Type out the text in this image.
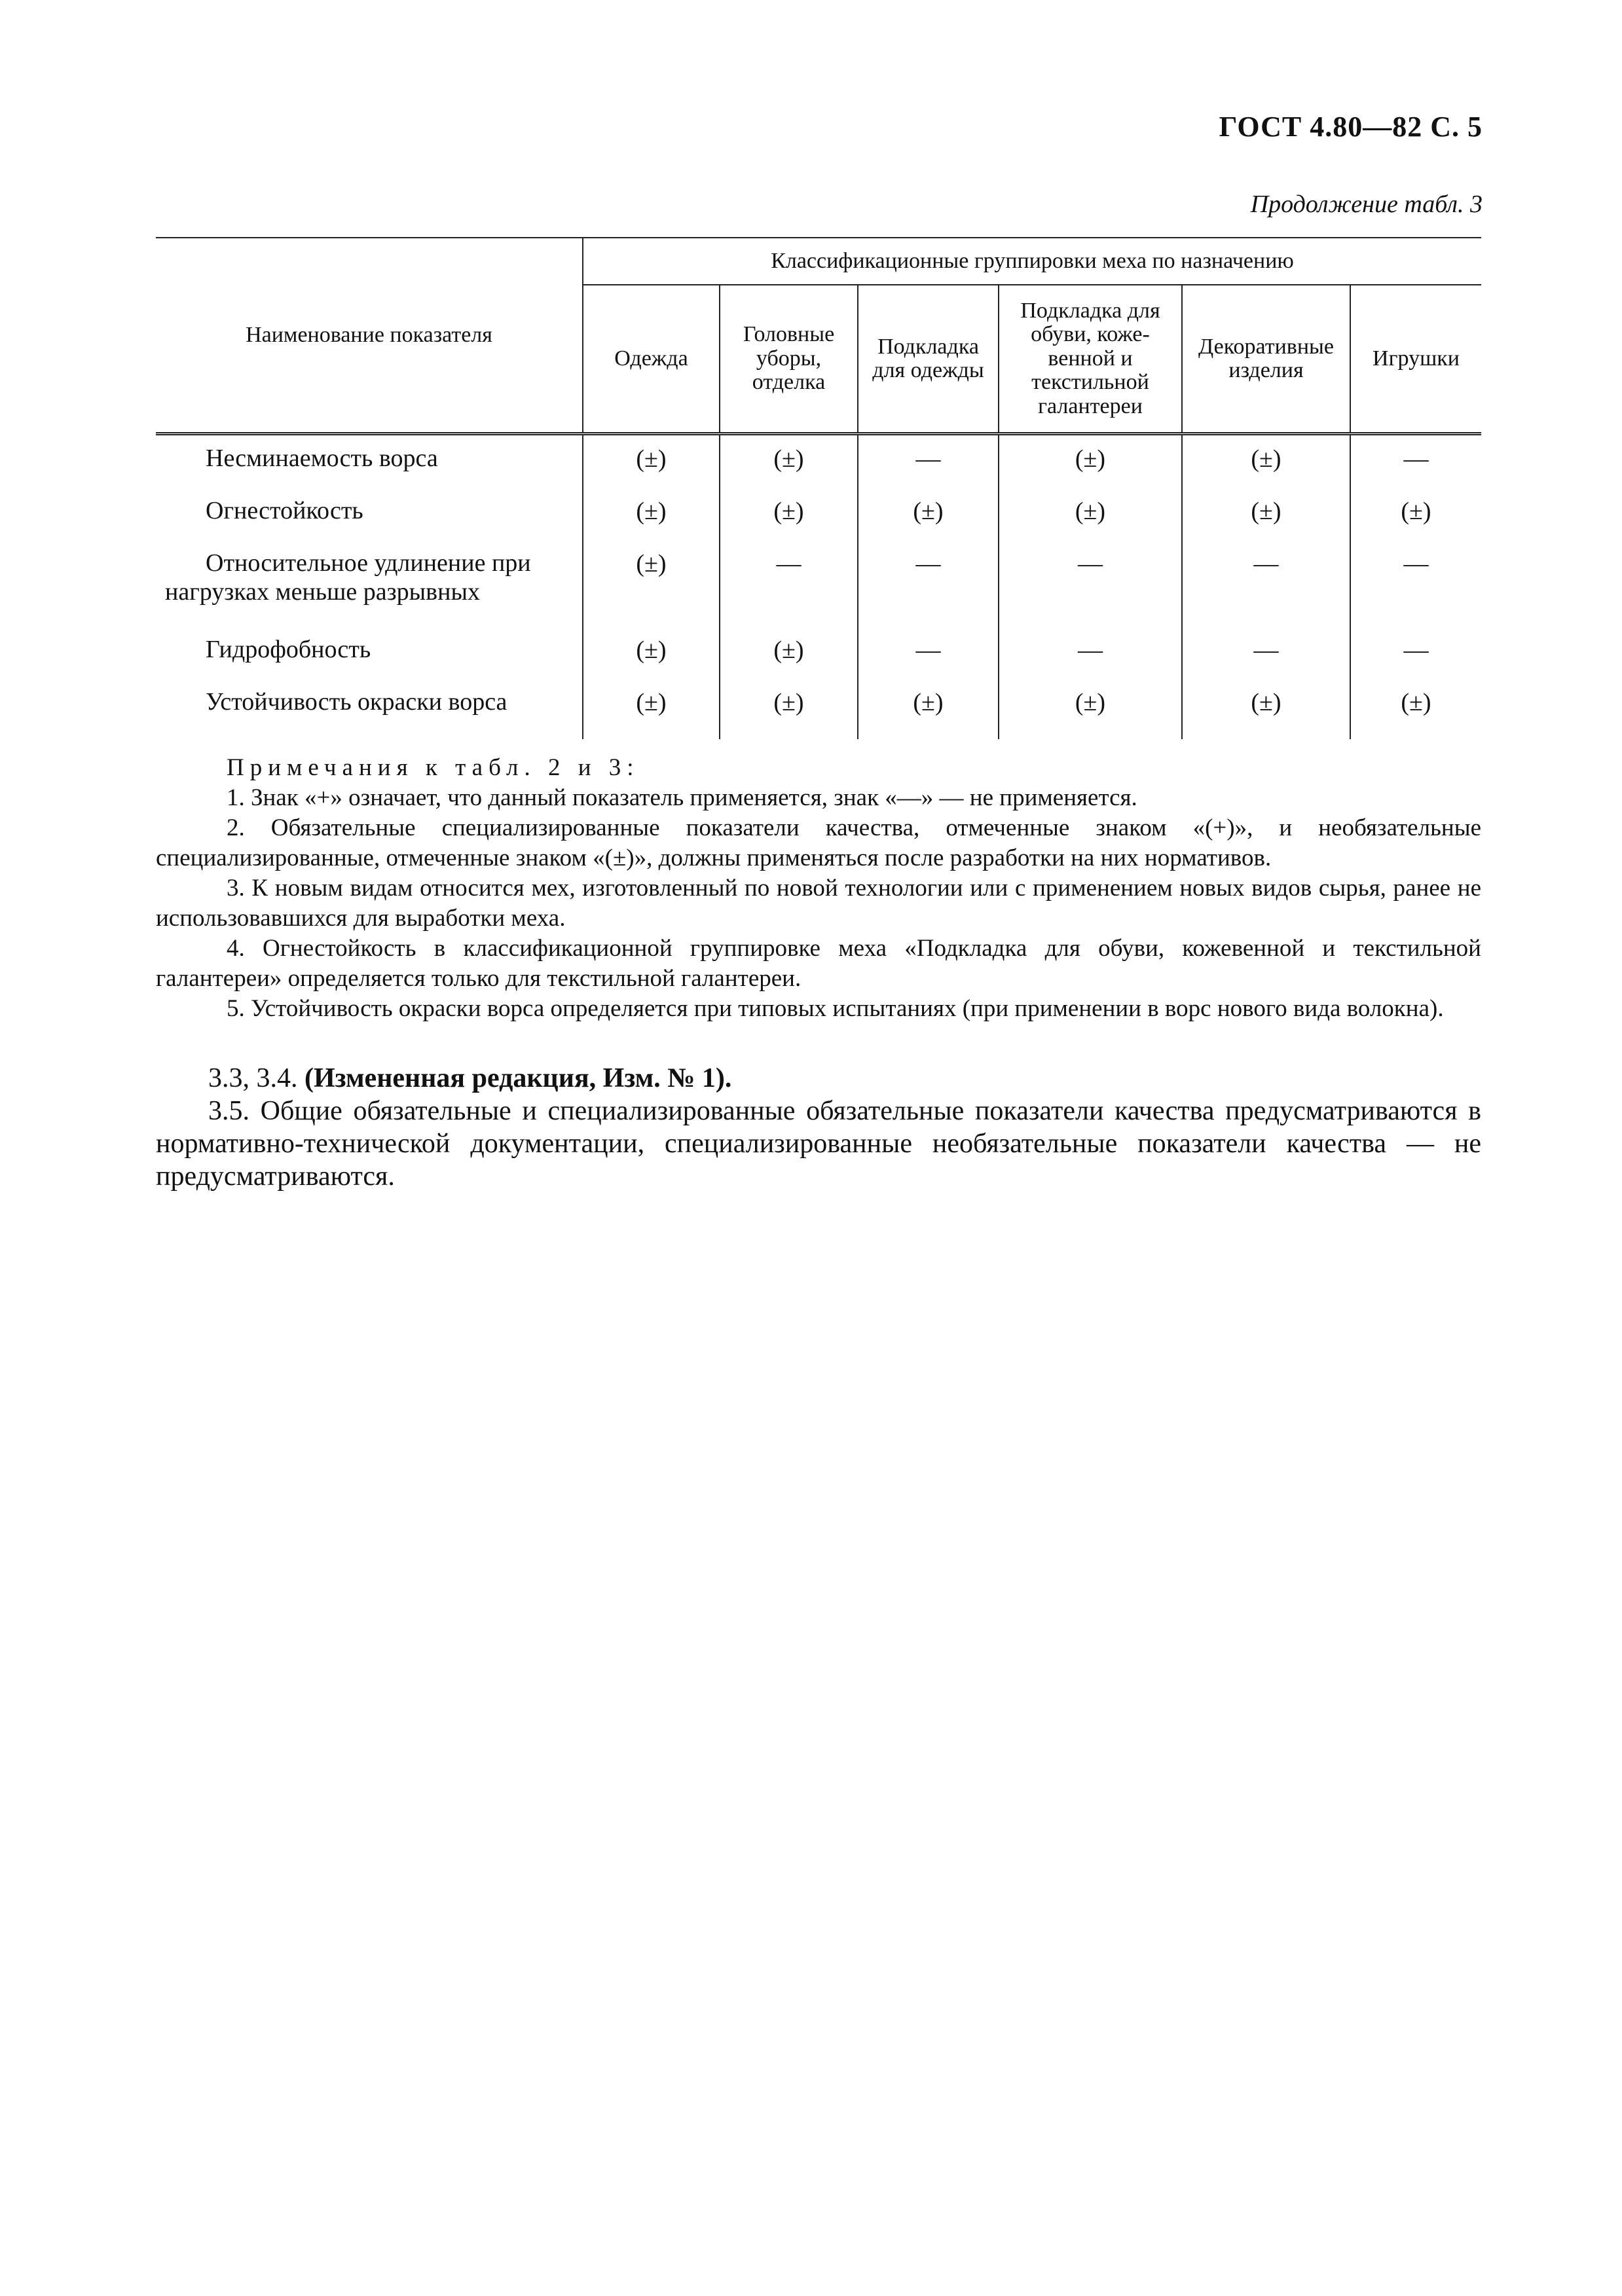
ГОСТ 4.80—82 С. 5
Продолжение табл. 3
Наименование показателя	Классификационные группировки меха по назначению					
	Одежда	Головные уборы, отделка	Подкладка для одежды	Подкладка для обуви, коже-венной и текстильной галантереи	Декоративные изделия	Игрушки

Несминаемость ворса	(±)	(±)	—	(±)	(±)	—

Огнестойкость	(±)	(±)	(±)	(±)	(±)	(±)

Относительное удлинение при
нагрузках меньше разрывных	(±)	—	—	—	—	—

Гидрофобность	(±)	(±)	—	—	—	—

Устойчивость окраски ворса	(±)	(±)	(±)	(±)	(±)	(±)

Примечания к табл. 2 и 3:

1. Знак «+» означает, что данный показатель применяется, знак «—» — не применяется.

2. Обязательные специализированные показатели качества, отмеченные знаком «(+)», и необязательные специализированные, отмеченные знаком «(±)», должны применяться после разработки на них нормативов.

3. К новым видам относится мех, изготовленный по новой технологии или с применением новых видов сырья, ранее не использовавшихся для выработки меха.

4. Огнестойкость в классификационной группировке меха «Подкладка для обуви, кожевенной и текстильной галантереи» определяется только для текстильной галантереи.

5. Устойчивость окраски ворса определяется при типовых испытаниях (при применении в ворс нового вида волокна).

3.3, 3.4. (Измененная редакция, Изм. № 1).

3.5. Общие обязательные и специализированные обязательные показатели качества предусматриваются в нормативно-технической документации, специализированные необязательные показатели качества — не предусматриваются.
